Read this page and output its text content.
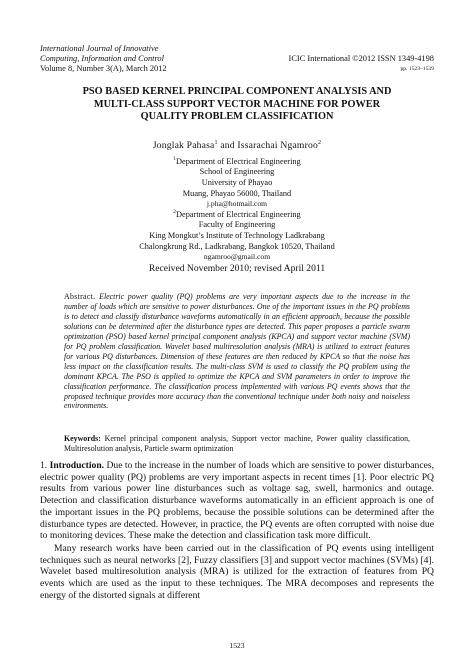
International Journal of Innovative
Computing, Information and Control
Volume 8, Number 3(A), March 2012
ICIC International ©2012 ISSN 1349-4198
pp. 1523–1539
PSO BASED KERNEL PRINCIPAL COMPONENT ANALYSIS AND
MULTI-CLASS SUPPORT VECTOR MACHINE FOR POWER
QUALITY PROBLEM CLASSIFICATION
Jonglak Pahasa$^1$ and Issarachai Ngamroo$^2$
$^1$Department of Electrical Engineering
School of Engineering
University of Phayao
Muang, Phayao 56000, Thailand
j.pha@hotmail.com
$^2$Department of Electrical Engineering
Faculty of Engineering
King Mongkut’s Institute of Technology Ladkrabang
Chalongkrung Rd., Ladkrabang, Bangkok 10520, Thailand
ngamroo@gmail.com
Received November 2010; revised April 2011
Abstract. Electric power quality (PQ) problems are very important aspects due to the increase in the number of loads which are sensitive to power disturbances. One of the important issues in the PQ problems is to detect and classify disturbance waveforms automatically in an efficient approach, because the possible solutions can be determined after the disturbance types are detected. This paper proposes a particle swarm optimization (PSO) based kernel principal component analysis (KPCA) and support vector machine (SVM) for PQ problem classification. Wavelet based multiresolution analysis (MRA) is utilized to extract features for various PQ disturbances. Dimension of these features are then reduced by KPCA so that the noise has less impact on the classification results. The multi-class SVM is used to classify the PQ problem using the dominant KPCA. The PSO is applied to optimize the KPCA and SVM parameters in order to improve the classification performance. The classification process implemented with various PQ events shows that the proposed technique provides more accuracy than the conventional technique under both noisy and noiseless environments.
Keywords: Kernel principal component analysis, Support vector machine, Power quality classification, Multiresolution analysis, Particle swarm optimization

1. Introduction. Due to the increase in the number of loads which are sensitive to power disturbances, electric power quality (PQ) problems are very important aspects in recent times [1]. Poor electric PQ results from various power line disturbances such as voltage sag, swell, harmonics and outage. Detection and classification disturbance waveforms automatically in an efficient approach is one of the important issues in the PQ problems, because the possible solutions can be determined after the disturbance types are detected. However, in practice, the PQ events are often corrupted with noise due to monitoring devices. These make the detection and classification task more difficult.

Many research works have been carried out in the classification of PQ events using intelligent techniques such as neural networks [2], Fuzzy classifiers [3] and support vector machines (SVMs) [4]. Wavelet based multiresolution analysis (MRA) is utilized for the extraction of features from PQ events which are used as the input to these techniques. The MRA decomposes and represents the energy of the distorted signals at different

1523
